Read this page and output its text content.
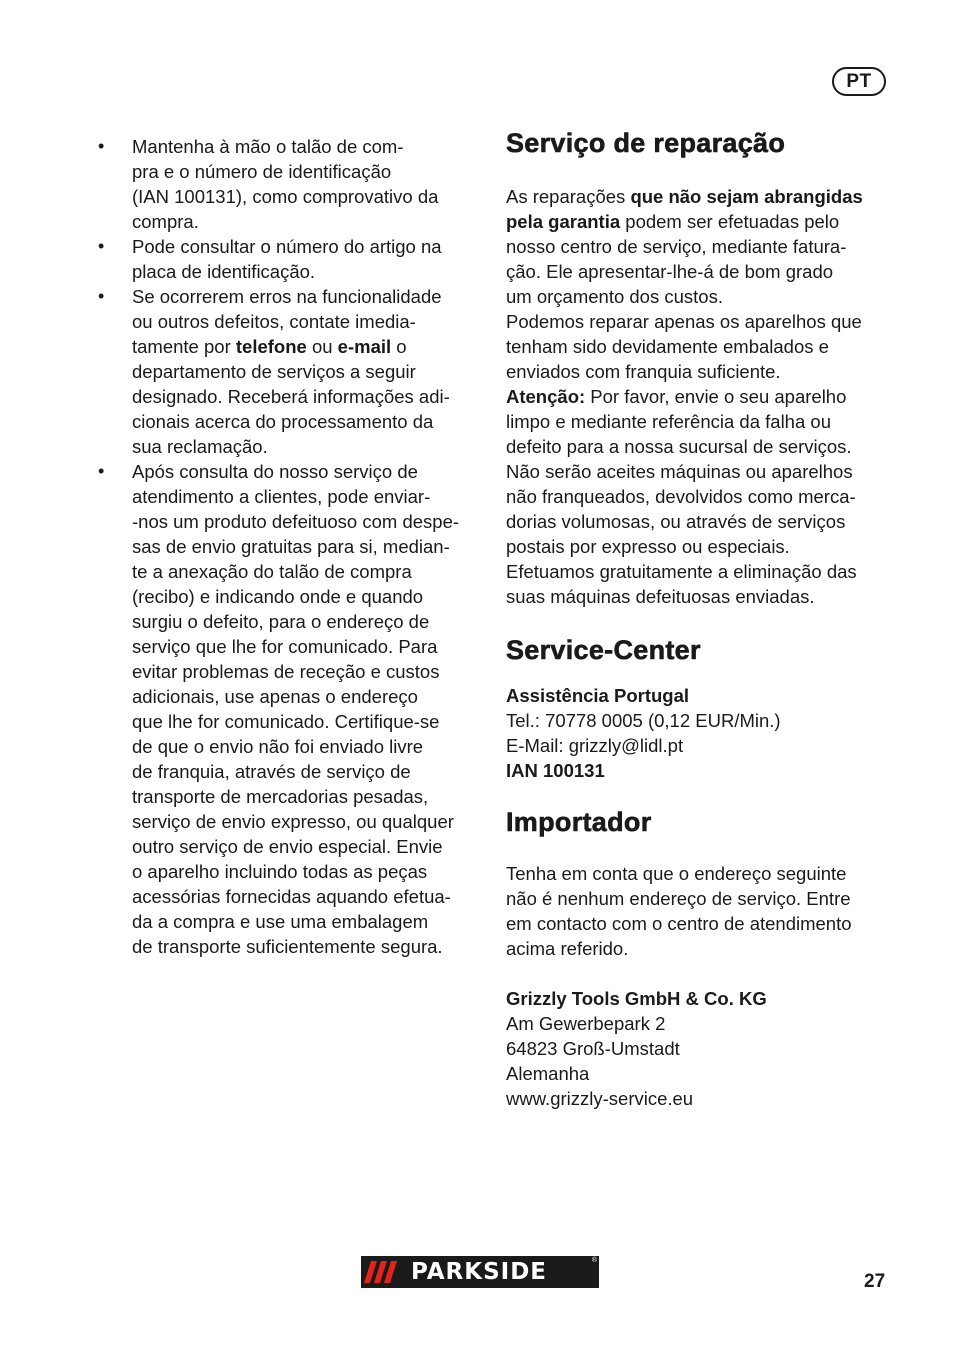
PT
• Mantenha à mão o talão de com-
pra e o número de identificação
(IAN 100131), como comprovativo da
compra.
• Pode consultar o número do artigo na
placa de identificação.
• Se ocorrerem erros na funcionalidade
ou outros defeitos, contate imedia-
tamente por telefone ou e-mail o
departamento de serviços a seguir
designado. Receberá informações adi-
cionais acerca do processamento da
sua reclamação.
• Após consulta do nosso serviço de
atendimento a clientes, pode enviar-
-nos um produto defeituoso com despe-
sas de envio gratuitas para si, median-
te a anexação do talão de compra
(recibo) e indicando onde e quando
surgiu o defeito, para o endereço de
serviço que lhe for comunicado. Para
evitar problemas de receção e custos
adicionais, use apenas o endereço
que lhe for comunicado. Certifique-se
de que o envio não foi enviado livre
de franquia, através de serviço de
transporte de mercadorias pesadas,
serviço de envio expresso, ou qualquer
outro serviço de envio especial. Envie
o aparelho incluindo todas as peças
acessórias fornecidas aquando efetua-
da a compra e use uma embalagem
de transporte suficientemente segura.
Serviço de reparação

As reparações que não sejam abrangidas
pela garantia podem ser efetuadas pelo
nosso centro de serviço, mediante fatura-
ção. Ele apresentar-lhe-á de bom grado
um orçamento dos custos.

Podemos reparar apenas os aparelhos que
tenham sido devidamente embalados e
enviados com franquia suficiente.

Atenção: Por favor, envie o seu aparelho
limpo e mediante referência da falha ou
defeito para a nossa sucursal de serviços.
Não serão aceites máquinas ou aparelhos
não franqueados, devolvidos como merca-
dorias volumosas, ou através de serviços
postais por expresso ou especiais.
Efetuamos gratuitamente a eliminação das
suas máquinas defeituosas enviadas.

Service-Center

Assistência Portugal

Tel.: 70778 0005 (0,12 EUR/Min.)

E-Mail: grizzly@lidl.pt

IAN 100131

Importador

Tenha em conta que o endereço seguinte
não é nenhum endereço de serviço. Entre
em contacto com o centro de atendimento
acima referido.

Grizzly Tools GmbH & Co. KG

Am Gewerbepark 2

64823 Groß-Umstadt

Alemanha

www.grizzly-service.eu

PARKSIDE	®
27
